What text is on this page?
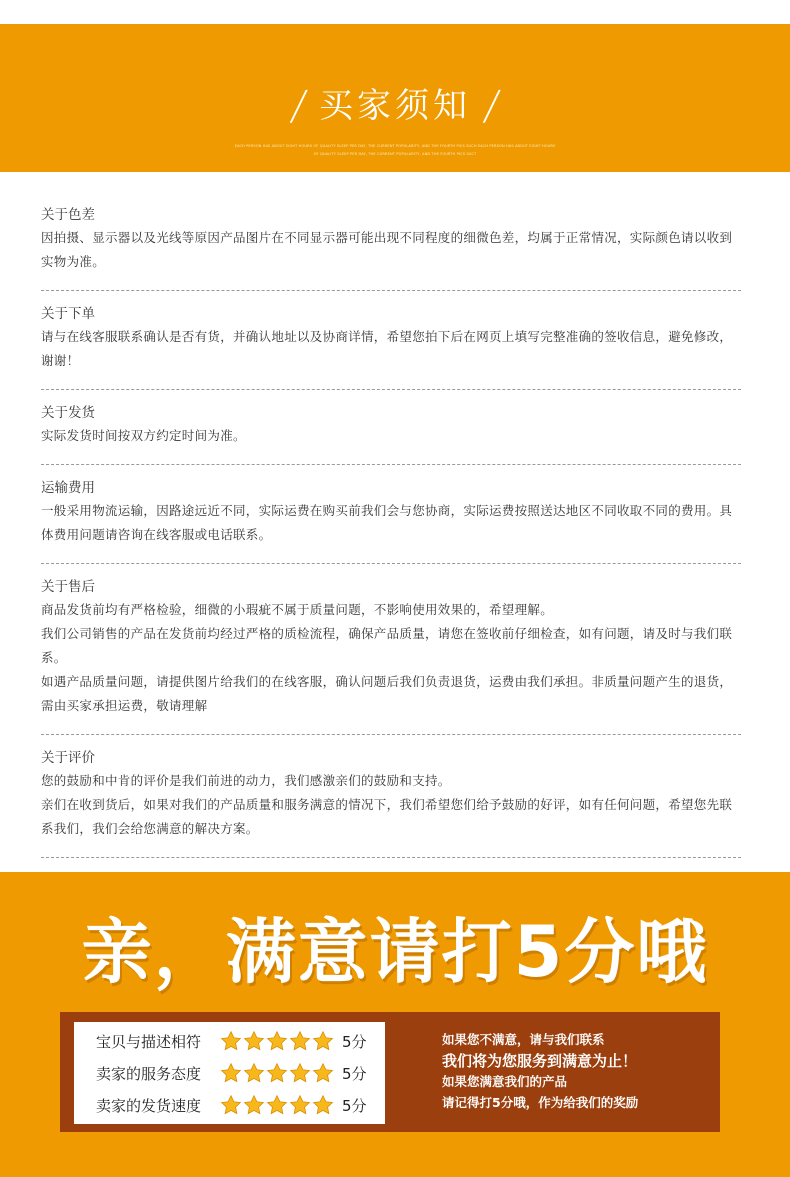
/ 买家须知 /
EACH PERSON HAS ABOUT EIGHT HOURS OF QUALITY SLEEP PER DAY, THE CURRENT POPULARITY, AND THE FOURTH PICS SUCH EACH PERSON HAS ABOUT EIGHT HOURS
OF QUALITY SLEEP PER DAY, THE CURRENT POPULARITY, AND THE FOURTH PICS SUCT
关于色差

因拍摄、显示器以及光线等原因产品图片在不同显示器可能出现不同程度的细微色差，均属于正常情况，实际颜色请以收到实物为准。

关于下单

请与在线客服联系确认是否有货，并确认地址以及协商详情，希望您拍下后在网页上填写完整准确的签收信息，避免修改，谢谢！

关于发货

实际发货时间按双方约定时间为准。

运输费用

一般采用物流运输，因路途远近不同，实际运费在购买前我们会与您协商，实际运费按照送达地区不同收取不同的费用。具体费用问题请咨询在线客服或电话联系。

关于售后

商品发货前均有严格检验，细微的小瑕疵不属于质量问题，不影响使用效果的，希望理解。

我们公司销售的产品在发货前均经过严格的质检流程，确保产品质量，请您在签收前仔细检查，如有问题，请及时与我们联系。

如遇产品质量问题，请提供图片给我们的在线客服，确认问题后我们负责退货，运费由我们承担。非质量问题产生的退货，需由买家承担运费，敬请理解

关于评价

您的鼓励和中肯的评价是我们前进的动力，我们感激亲们的鼓励和支持。

亲们在收到货后，如果对我们的产品质量和服务满意的情况下，我们希望您们给予鼓励的好评，如有任何问题，希望您先联系我们，我们会给您满意的解决方案。

亲，满意请打5分哦
宝贝与描述相符	5分
卖家的服务态度	5分
卖家的发货速度	5分
如果您不满意，请与我们联系
我们将为您服务到满意为止！
如果您满意我们的产品
请记得打5分哦，作为给我们的奖励
